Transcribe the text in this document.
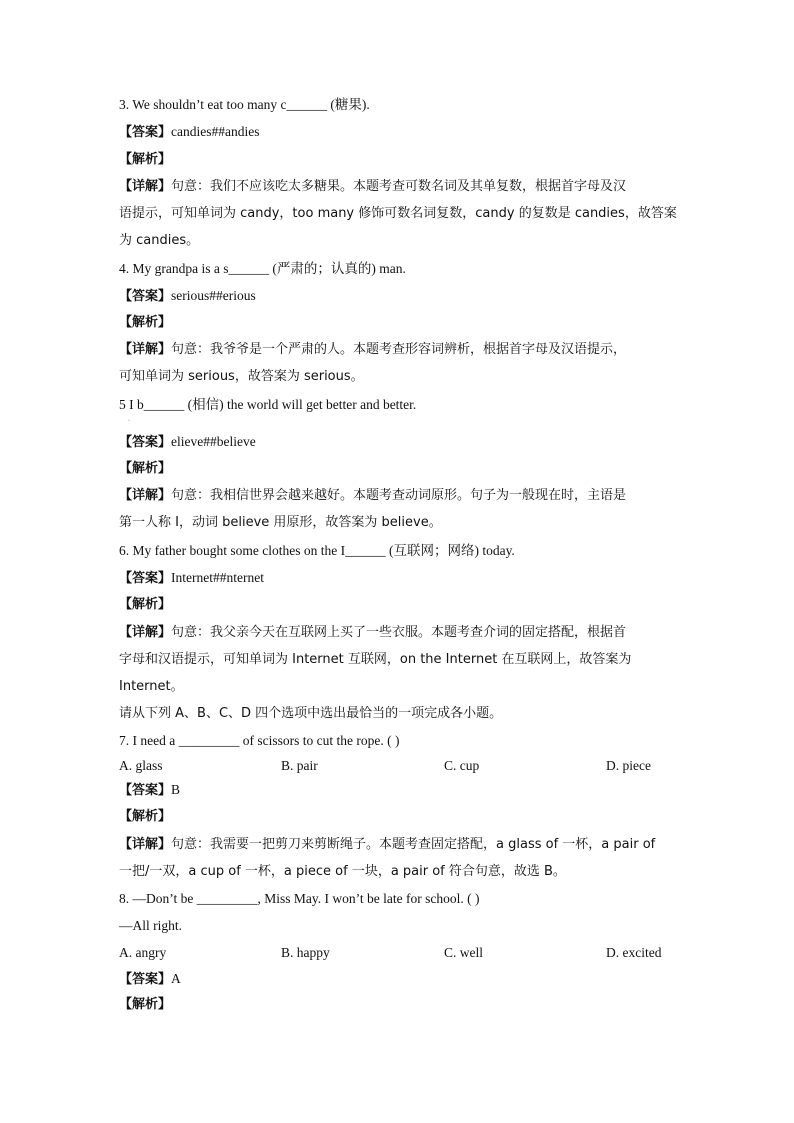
3. We shouldn’t eat too many c______ (糖果).
【答案】candies##andies
【解析】
【详解】句意：我们不应该吃太多糖果。本题考查可数名词及其单复数，根据首字母及汉
语提示，可知单词为 candy，too many 修饰可数名词复数，candy 的复数是 candies，故答案
为 candies。
4. My grandpa is a s______ (严肃的；认真的) man.
【答案】serious##erious
【解析】
【详解】句意：我爷爷是一个严肃的人。本题考查形容词辨析，根据首字母及汉语提示，
可知单词为 serious，故答案为 serious。
5 I b______ (相信) the world will get better and better.
·
【答案】elieve##believe
【解析】
【详解】句意：我相信世界会越来越好。本题考查动词原形。句子为一般现在时，主语是
第一人称 I，动词 believe 用原形，故答案为 believe。
6. My father bought some clothes on the I______ (互联网；网络) today.
【答案】Internet##nternet
【解析】
【详解】句意：我父亲今天在互联网上买了一些衣服。本题考查介词的固定搭配，根据首
字母和汉语提示，可知单词为 Internet 互联网，on the Internet 在互联网上，故答案为
Internet。
请从下列 A、B、C、D 四个选项中选出最恰当的一项完成各小题。
7. I need a _________ of scissors to cut the rope. ( )
A. glass	B. pair	C. cup	D. piece
【答案】B
【解析】
【详解】句意：我需要一把剪刀来剪断绳子。本题考查固定搭配，a glass of 一杯，a pair of
一把/一双，a cup of 一杯，a piece of 一块，a pair of 符合句意，故选 B。
8. —Don’t be _________, Miss May. I won’t be late for school. ( )
—All right.
A. angry	B. happy	C. well	D. excited
【答案】A
【解析】
